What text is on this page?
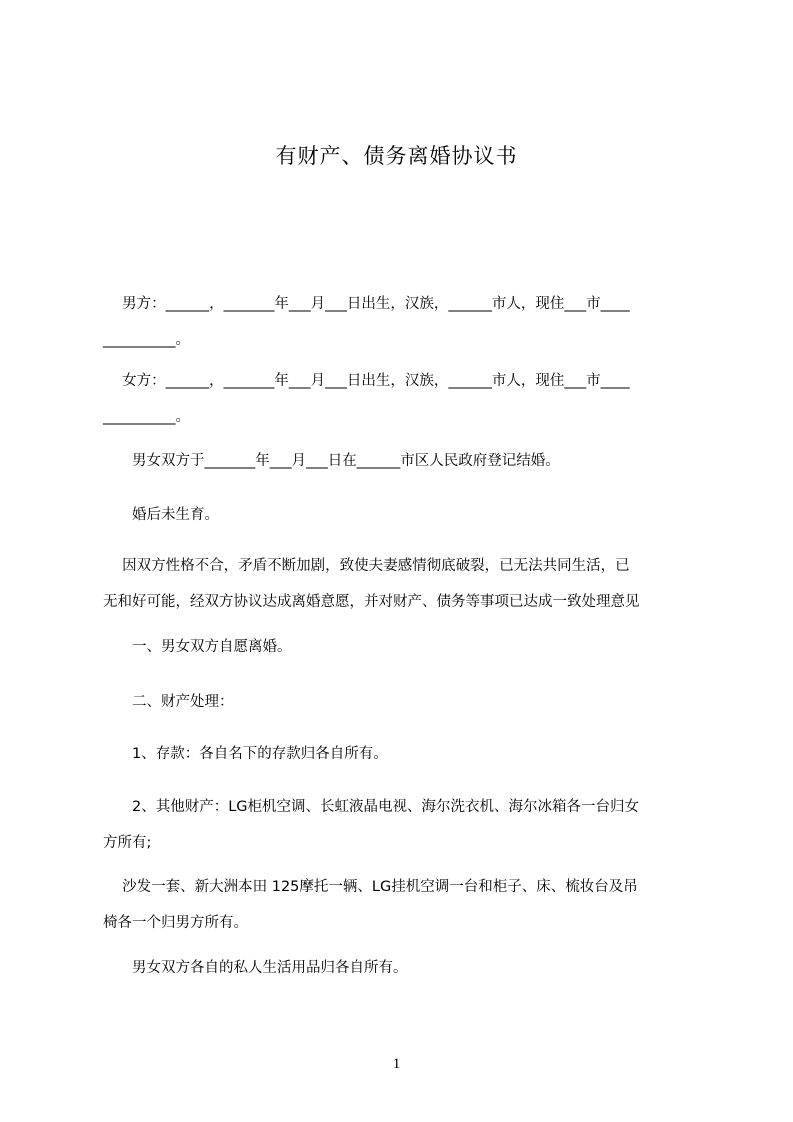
有财产、债务离婚协议书
　 男方：______，_______年___月___日出生，汉族，______市人，现住___市____
__________。
　 女方：______，_______年___月___日出生，汉族，______市人，现住___市____
__________。
　　男女双方于_______年___月___日在______市区人民政府登记结婚。
　　婚后未生育。
　 因双方性格不合，矛盾不断加剧，致使夫妻感情彻底破裂，已无法共同生活，已
无和好可能，经双方协议达成离婚意愿，并对财产、债务等事项已达成一致处理意见
　　一、男女双方自愿离婚。
　　二、财产处理：
　　1、存款：各自名下的存款归各自所有。
　　2、其他财产：LG柜机空调、长虹液晶电视、海尔洗衣机、海尔冰箱各一台归女
方所有;
　 沙发一套、新大洲本田 125摩托一辆、LG挂机空调一台和柜子、床、梳妆台及吊
椅各一个归男方所有。
　　男女双方各自的私人生活用品归各自所有。
1
